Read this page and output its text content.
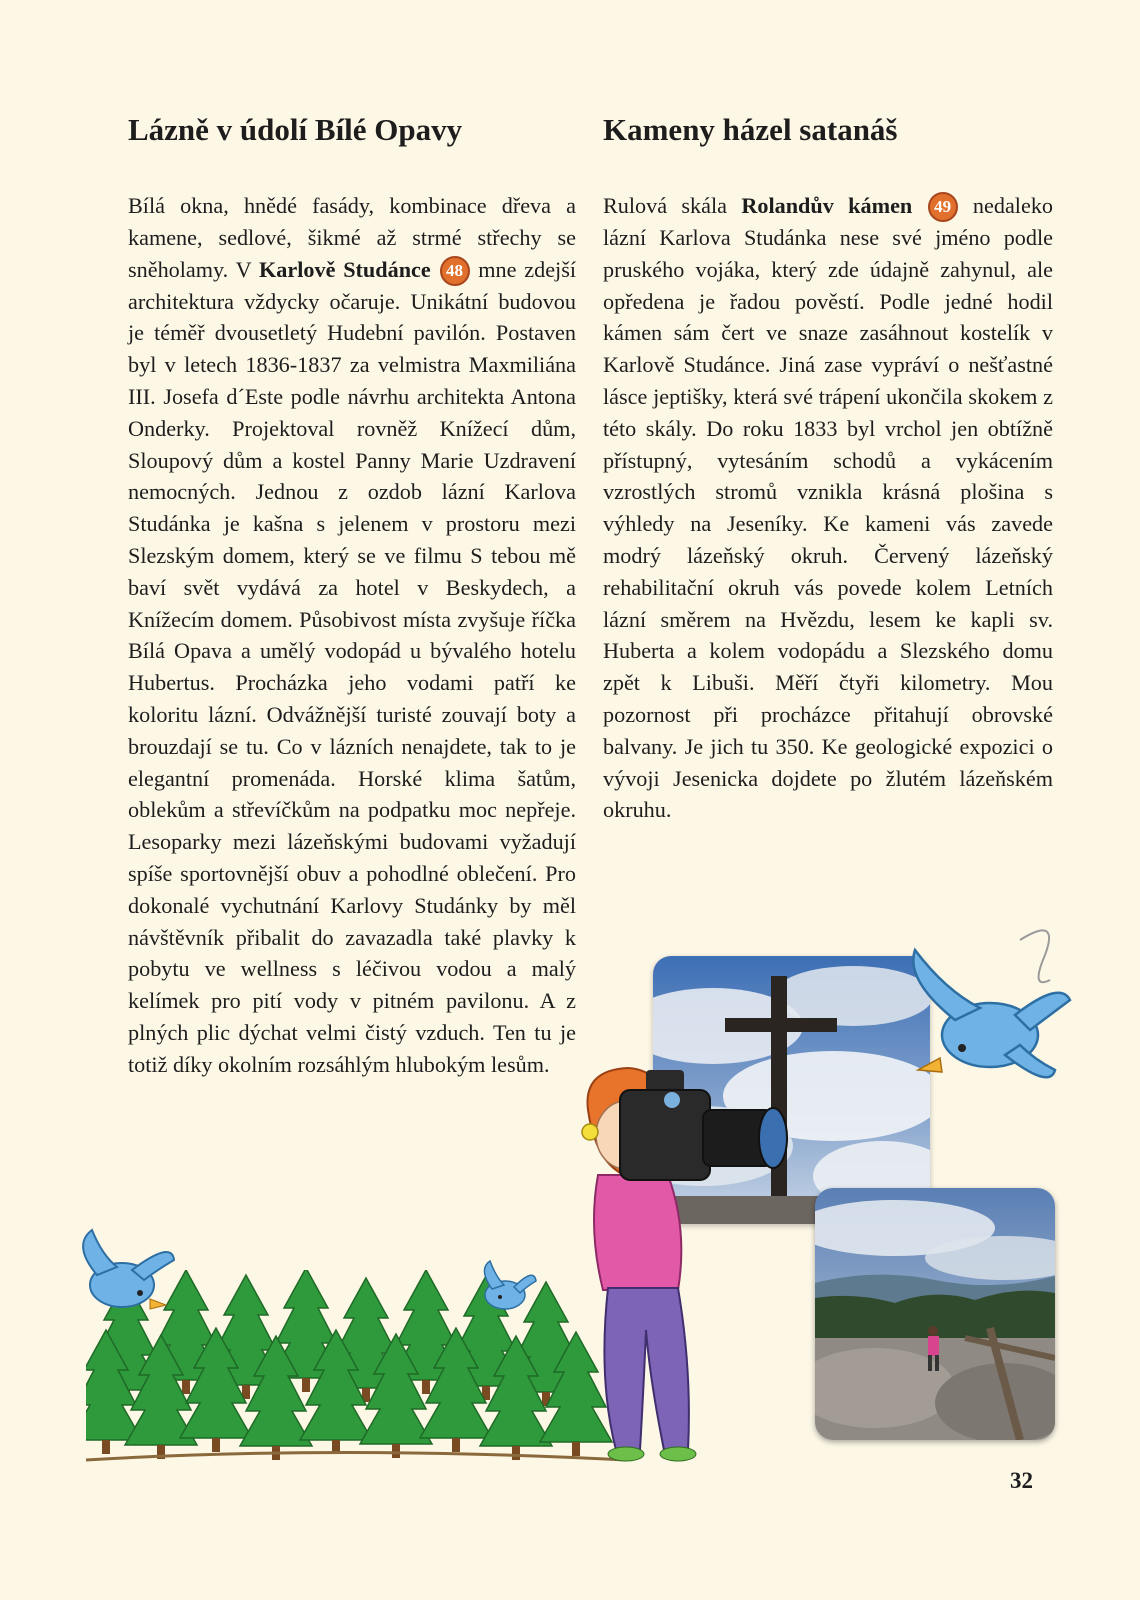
Lázně v údolí Bílé Opavy

Bílá okna, hnědé fasády, kombinace dřeva a kamene, sedlové, šikmé až strmé střechy se sněholamy. V Karlově Studánce 48 mne zdejší architektura vždycky očaruje. Unikátní budovou je téměř dvousetletý Hudební pavilón. Postaven byl v letech 1836-1837 za velmistra Maxmiliána III. Josefa d´Este podle návrhu architekta Antona Onderky. Projektoval rovněž Knížecí dům, Sloupový dům a kostel Panny Marie Uzdravení nemocných. Jednou z ozdob lázní Karlova Studánka je kašna s jelenem v prostoru mezi Slezským domem, který se ve filmu S tebou mě baví svět vydává za hotel v Beskydech, a Knížecím domem. Působivost místa zvyšuje říčka Bílá Opava a umělý vodopád u bývalého hotelu Hubertus. Procházka jeho vodami patří ke koloritu lázní. Odvážnější turisté zouvají boty a brouzdají se tu. Co v lázních nenajdete, tak to je elegantní promenáda. Horské klima šatům, oblekům a střevíčkům na podpatku moc nepřeje. Lesoparky mezi lázeňskými budovami vyžadují spíše sportovnější obuv a pohodlné oblečení. Pro dokonalé vychutnání Karlovy Studánky by měl návštěvník přibalit do zavazadla také plavky k pobytu ve wellness s léčivou vodou a malý kelímek pro pití vody v pitném pavilonu. A z plných plic dýchat velmi čistý vzduch. Ten tu je totiž díky okolním rozsáhlým hlubokým lesům.

Kameny házel satanáš

Rulová skála Rolandův kámen 49 nedaleko lázní Karlova Studánka nese své jméno podle pruského vojáka, který zde údajně zahynul, ale opředena je řadou pověstí. Podle jedné hodil kámen sám čert ve snaze zasáhnout kostelík v Karlově Studánce. Jiná zase vypráví o nešťastné lásce jeptišky, která své trápení ukončila skokem z této skály. Do roku 1833 byl vrchol jen obtížně přístupný, vytesáním schodů a vykácením vzrostlých stromů vznikla krásná plošina s výhledy na Jeseníky. Ke kameni vás zavede modrý lázeňský okruh. Červený lázeňský rehabilitační okruh vás povede kolem Letních lázní směrem na Hvězdu, lesem ke kapli sv. Huberta a kolem vodopádu a Slezského domu zpět k Libuši. Měří čtyři kilometry. Mou pozornost při procházce přitahují obrovské balvany. Je jich tu 350. Ke geologické expozici o vývoji Jesenicka dojdete po žlutém lázeňském okruhu.

32
